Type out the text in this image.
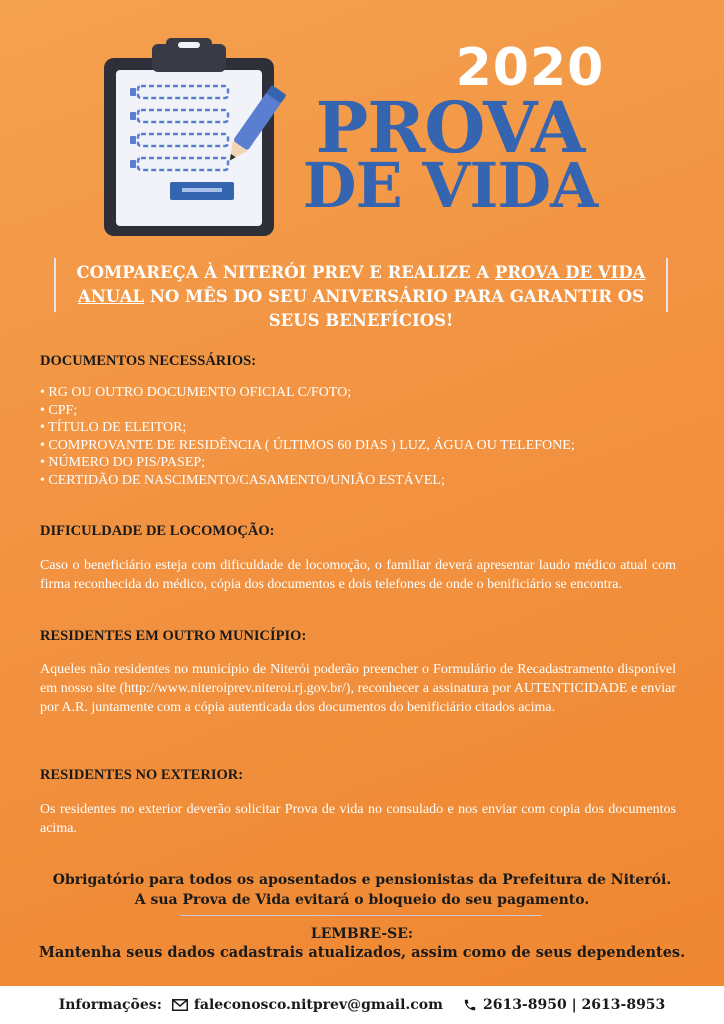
2020
PROVA
DE VIDA
COMPAREÇA À NITERÓI PREV E REALIZE A PROVA DE VIDA ANUAL NO MÊS DO SEU ANIVERSÁRIO PARA GARANTIR OS SEUS BENEFÍCIOS!
DOCUMENTOS NECESSÁRIOS:
• RG OU OUTRO DOCUMENTO OFICIAL C/FOTO;
• CPF;
• TÍTULO DE ELEITOR;
• COMPROVANTE DE RESIDÊNCIA ( ÚLTIMOS 60 DIAS ) LUZ, ÁGUA OU TELEFONE;
• NÚMERO DO PIS/PASEP;
• CERTIDÃO DE NASCIMENTO/CASAMENTO/UNIÃO ESTÁVEL;
DIFICULDADE DE LOCOMOÇÃO:
Caso o beneficiário esteja com dificuldade de locomoção, o familiar deverá apresentar laudo médico atual com firma reconhecida do médico, cópia dos documentos e dois telefones de onde o benificiário se encontra.
RESIDENTES EM OUTRO MUNICÍPIO:
Aqueles não residentes no município de Niterói poderão preencher o Formulário de Recadastramento disponível em nosso site (http://www.niteroiprev.niteroi.rj.gov.br/), reconhecer a assinatura por AUTENTICIDADE e enviar por A.R. juntamente com a cópia autenticada dos documentos do benificiário citados acima.
RESIDENTES NO EXTERIOR:
Os residentes no exterior deverão solicitar Prova de vida no consulado e nos enviar com copia dos documentos acima.
Obrigatório para todos os aposentados e pensionistas da Prefeitura de Niterói.
A sua Prova de Vida evitará o bloqueio do seu pagamento.
LEMBRE-SE:
Mantenha seus dados cadastrais atualizados, assim como de seus dependentes.
Informações: faleconosco.nitprev@gmail.com	2613-8950 | 2613-8953
